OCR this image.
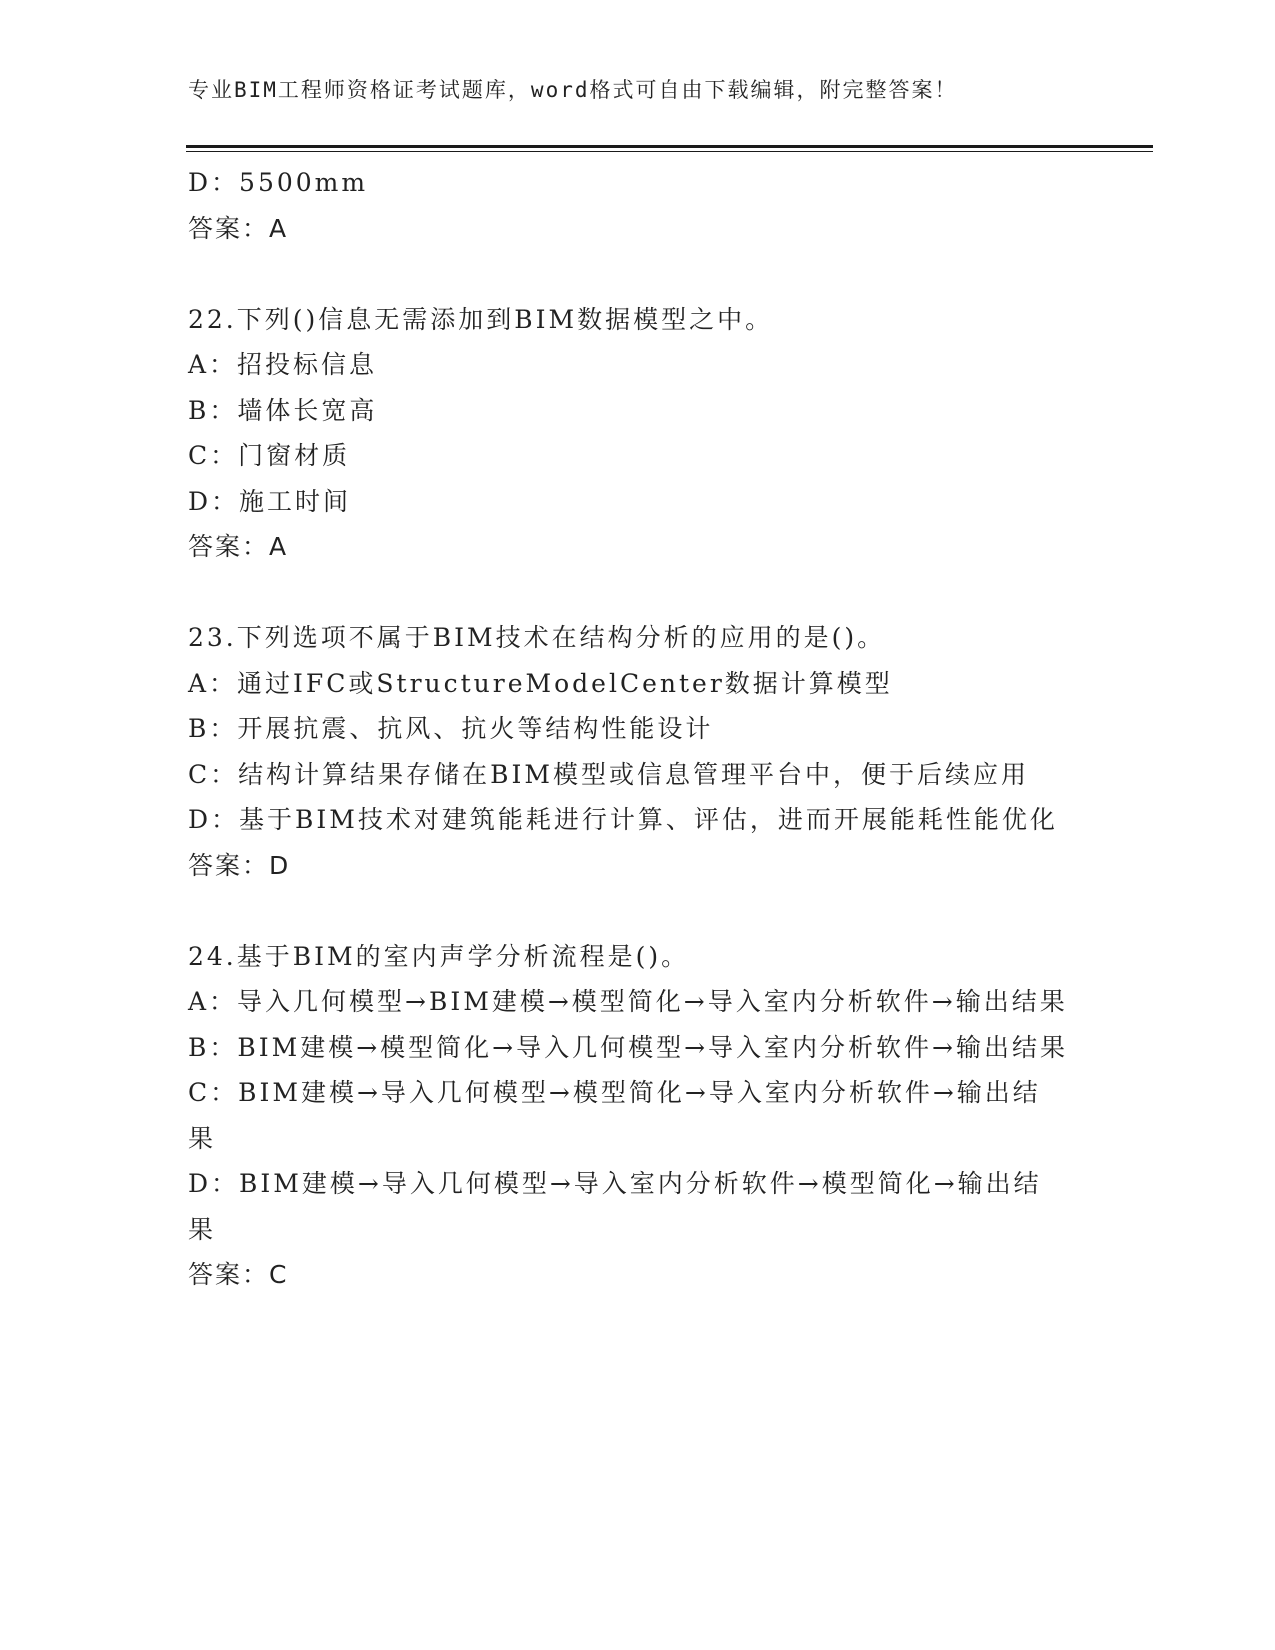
专业BIM工程师资格证考试题库，word格式可自由下载编辑，附完整答案！
D：5500mm
答案：A
22.下列()信息无需添加到BIM数据模型之中。
A：招投标信息
B：墙体长宽高
C：门窗材质
D：施工时间
答案：A
23.下列选项不属于BIM技术在结构分析的应用的是()。
A：通过IFC或StructureModelCenter数据计算模型
B：开展抗震、抗风、抗火等结构性能设计
C：结构计算结果存储在BIM模型或信息管理平台中，便于后续应用
D：基于BIM技术对建筑能耗进行计算、评估，进而开展能耗性能优化
答案：D
24.基于BIM的室内声学分析流程是()。
A：导入几何模型→BIM建模→模型简化→导入室内分析软件→输出结果
B：BIM建模→模型简化→导入几何模型→导入室内分析软件→输出结果
C：BIM建模→导入几何模型→模型简化→导入室内分析软件→输出结果
D：BIM建模→导入几何模型→导入室内分析软件→模型简化→输出结果
答案：C
